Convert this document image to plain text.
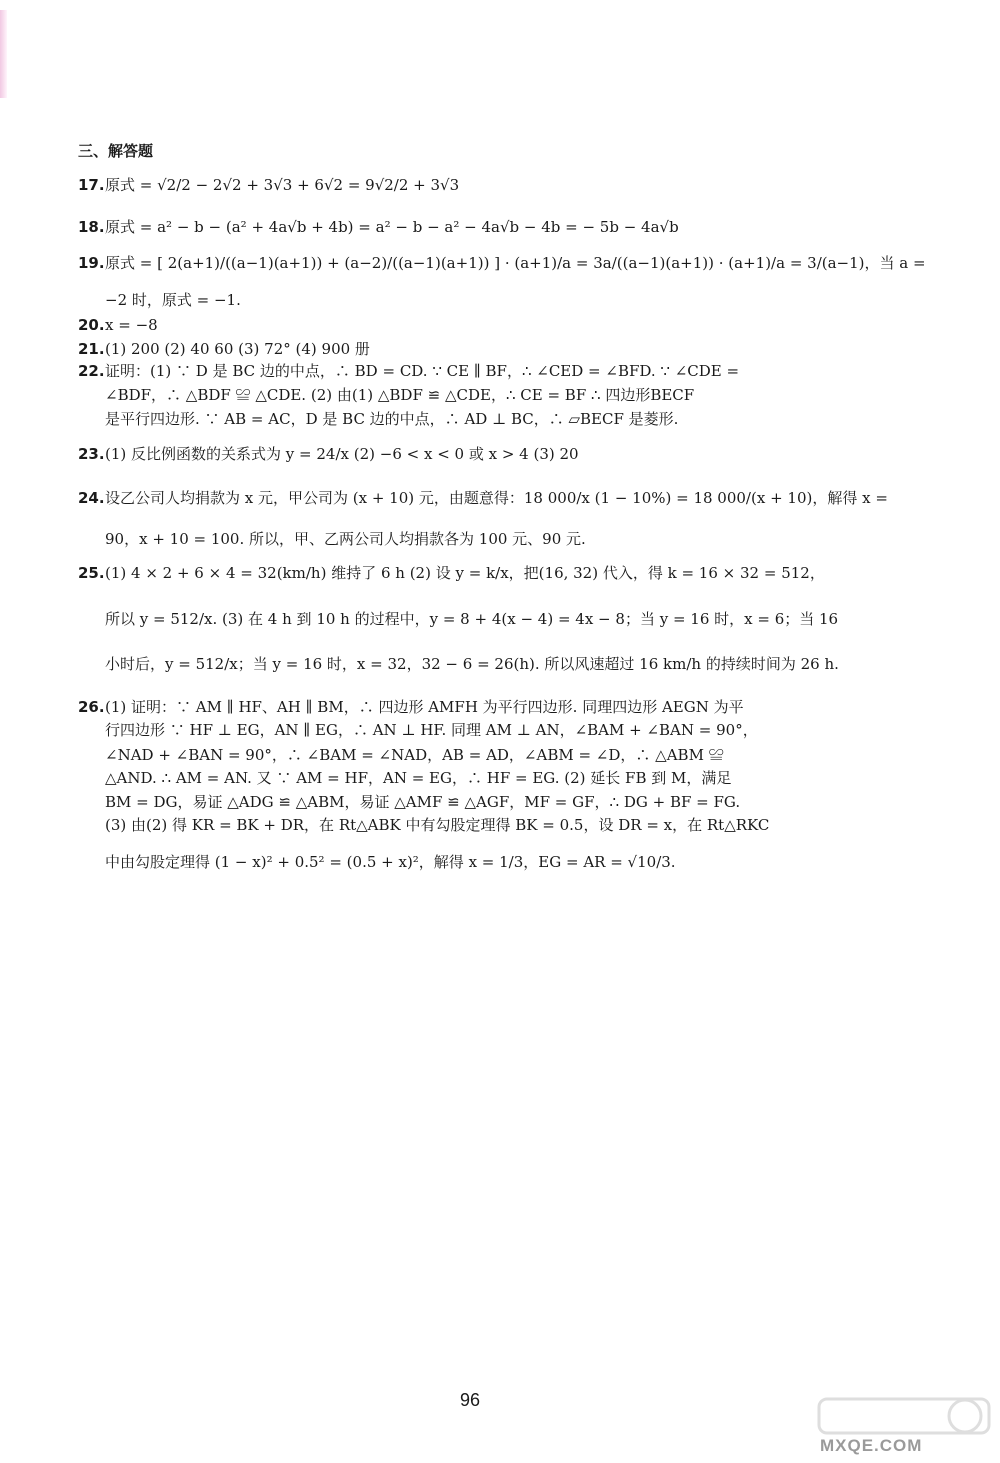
三、解答题
17.原式 = √2/2 − 2√2 + 3√3 + 6√2 = 9√2/2 + 3√3
18.原式 = a² − b − (a² + 4a√b + 4b) = a² − b − a² − 4a√b − 4b = − 5b − 4a√b
19.原式 = [ 2(a+1)/((a−1)(a+1)) + (a−2)/((a−1)(a+1)) ] · (a+1)/a = 3a/((a−1)(a+1)) · (a+1)/a = 3/(a−1)，当 a =
−2 时，原式 = −1.
20.x = −8
21.(1) 200 (2) 40 60 (3) 72° (4) 900 册
22.证明：(1) ∵ D 是 BC 边的中点，∴ BD = CD. ∵ CE ∥ BF，∴ ∠CED = ∠BFD. ∵ ∠CDE =
∠BDF，∴ △BDF ≌ △CDE. (2) 由(1) △BDF ≌ △CDE，∴ CE = BF ∴ 四边形BECF
是平行四边形. ∵ AB = AC，D 是 BC 边的中点，∴ AD ⊥ BC，∴ ▱BECF 是菱形.
23.(1) 反比例函数的关系式为 y = 24/x (2) −6 < x < 0 或 x > 4 (3) 20
24.设乙公司人均捐款为 x 元，甲公司为 (x + 10) 元，由题意得：18 000/x (1 − 10%) = 18 000/(x + 10)，解得 x =
90，x + 10 = 100. 所以，甲、乙两公司人均捐款各为 100 元、90 元.
25.(1) 4 × 2 + 6 × 4 = 32(km/h) 维持了 6 h (2) 设 y = k/x，把(16, 32) 代入，得 k = 16 × 32 = 512，
所以 y = 512/x. (3) 在 4 h 到 10 h 的过程中，y = 8 + 4(x − 4) = 4x − 8；当 y = 16 时，x = 6；当 16
小时后，y = 512/x；当 y = 16 时，x = 32，32 − 6 = 26(h). 所以风速超过 16 km/h 的持续时间为 26 h.
26.(1) 证明：∵ AM ∥ HF、AH ∥ BM，∴ 四边形 AMFH 为平行四边形. 同理四边形 AEGN 为平
行四边形 ∵ HF ⊥ EG，AN ∥ EG，∴ AN ⊥ HF. 同理 AM ⊥ AN，∠BAM + ∠BAN = 90°，
∠NAD + ∠BAN = 90°，∴ ∠BAM = ∠NAD，AB = AD，∠ABM = ∠D，∴ △ABM ≌
△AND. ∴ AM = AN. 又 ∵ AM = HF，AN = EG，∴ HF = EG. (2) 延长 FB 到 M，满足
BM = DG，易证 △ADG ≌ △ABM，易证 △AMF ≌ △AGF，MF = GF，∴ DG + BF = FG.
(3) 由(2) 得 KR = BK + DR，在 Rt△ABK 中有勾股定理得 BK = 0.5，设 DR = x，在 Rt△RKC
中由勾股定理得 (1 − x)² + 0.5² = (0.5 + x)²，解得 x = 1/3，EG = AR = √10/3.
96
MXQE.COM
